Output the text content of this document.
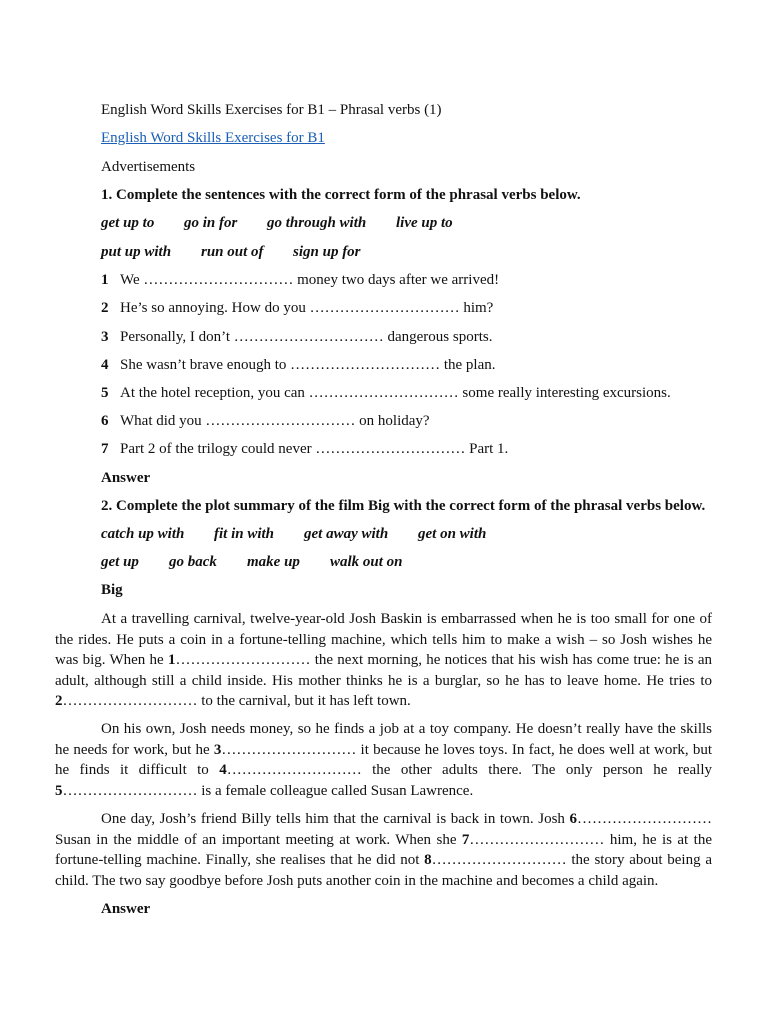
English Word Skills Exercises for B1 – Phrasal verbs (1)

English Word Skills Exercises for B1

Advertisements

1. Complete the sentences with the correct form of the phrasal verbs below.

get up to go in for go through with live up to

put up with run out of sign up for

1 We ………………………… money two days after we arrived!

2 He’s so annoying. How do you ………………………… him?

3 Personally, I don’t ………………………… dangerous sports.

4 She wasn’t brave enough to ………………………… the plan.

5 At the hotel reception, you can ………………………… some really interesting excursions.

6 What did you ………………………… on holiday?

7 Part 2 of the trilogy could never ………………………… Part 1.

Answer

2. Complete the plot summary of the film Big with the correct form of the phrasal verbs below.

catch up with fit in with get away with get on with

get up go back make up walk out on

Big

At a travelling carnival, twelve-year-old Josh Baskin is embarrassed when he is too small for one of the rides. He puts a coin in a fortune-telling machine, which tells him to make a wish – so Josh wishes he was big. When he 1……………………… the next morning, he notices that his wish has come true: he is an adult, although still a child inside. His mother thinks he is a burglar, so he has to leave home. He tries to 2……………………… to the carnival, but it has left town.

On his own, Josh needs money, so he finds a job at a toy company. He doesn’t really have the skills he needs for work, but he 3……………………… it because he loves toys. In fact, he does well at work, but he finds it difficult to 4……………………… the other adults there. The only person he really 5……………………… is a female colleague called Susan Lawrence.

One day, Josh’s friend Billy tells him that the carnival is back in town. Josh 6……………………… Susan in the middle of an important meeting at work. When she 7……………………… him, he is at the fortune-telling machine. Finally, she realises that he did not 8……………………… the story about being a child. The two say goodbye before Josh puts another coin in the machine and becomes a child again.

Answer
